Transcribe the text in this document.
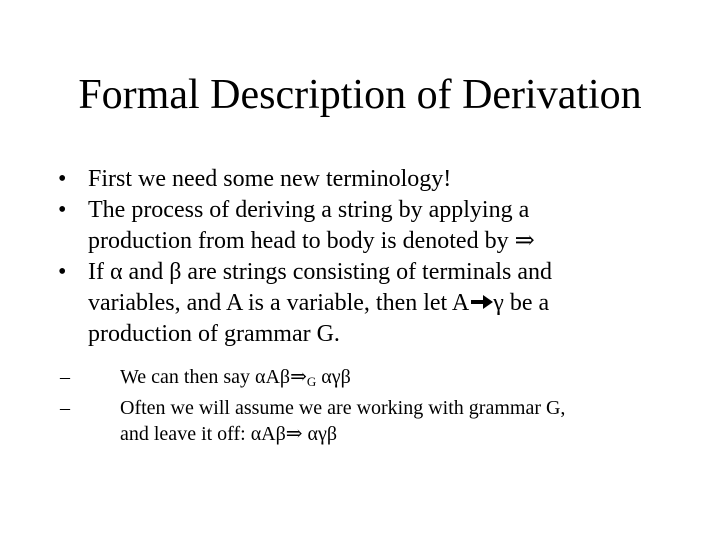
Formal Description of Derivation
• First we need some new terminology!
• The process of deriving a string by applying a
production from head to body is denoted by ⇒
• If α and β are strings consisting of terminals and
variables, and A is a variable, then let A γ be a
production of grammar G.
–	We can then say αAβ⇒G αγβ
–	Often we will assume we are working with grammar G,
and leave it off: αAβ⇒ αγβ
